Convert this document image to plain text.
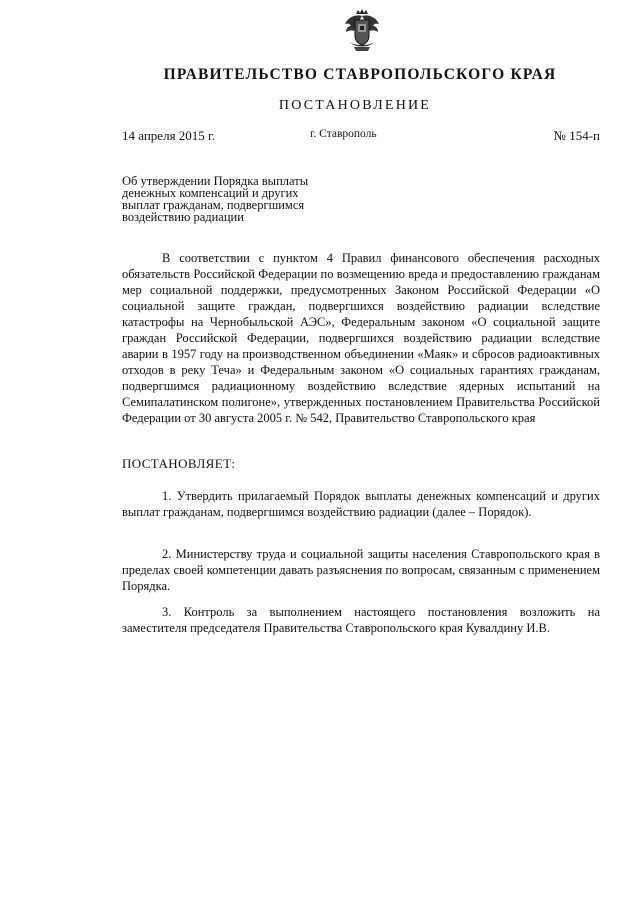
ПРАВИТЕЛЬСТВО СТАВРОПОЛЬСКОГО КРАЯ
ПОСТАНОВЛЕНИЕ
14 апреля 2015 г.	г. Ставрополь	№ 154-п
Об утверждении Порядка выплаты
денежных компенсаций и других
выплат гражданам, подвергшимся
воздействию радиации

В соответствии с пунктом 4 Правил финансового обеспечения расходных обязательств Российской Федерации по возмещению вреда и предоставлению гражданам мер социальной поддержки, предусмотренных Законом Российской Федерации «О социальной защите граждан, подвергшихся воздействию радиации вследствие катастрофы на Чернобыльской АЭС», Федеральным законом «О социальной защите граждан Российской Федерации, подвергшихся воздействию радиации вследствие аварии в 1957 году на производственном объединении «Маяк» и сбросов радиоактивных отходов в реку Теча» и Федеральным законом «О социальных гарантиях гражданам, подвергшимся радиационному воздействию вследствие ядерных испытаний на Семипалатинском полигоне», утвержденных постановлением Правительства Российской Федерации от 30 августа 2005 г. № 542, Правительство Ставропольского края

ПОСТАНОВЛЯЕТ:

1. Утвердить прилагаемый Порядок выплаты денежных компенсаций и других выплат гражданам, подвергшимся воздействию радиации (далее – Порядок).

2. Министерству труда и социальной защиты населения Ставропольского края в пределах своей компетенции давать разъяснения по вопросам, связанным с применением Порядка.

3. Контроль за выполнением настоящего постановления возложить на заместителя председателя Правительства Ставропольского края Кувалдину И.В.
